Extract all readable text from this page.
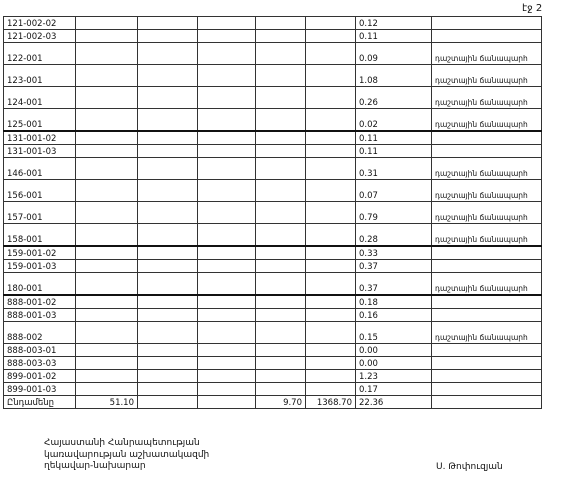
էջ 2
121-002-02						0.12	
121-002-03						0.11	
122-001						0.09	դաշտային ճանապարհ
123-001						1.08	դաշտային ճանապարհ
124-001						0.26	դաշտային ճանապարհ
125-001						0.02	դաշտային ճանապարհ
131-001-02						0.11	
131-001-03						0.11	
146-001						0.31	դաշտային ճանապարհ
156-001						0.07	դաշտային ճանապարհ
157-001						0.79	դաշտային ճանապարհ
158-001						0.28	դաշտային ճանապարհ
159-001-02						0.33	
159-001-03						0.37	
180-001						0.37	դաշտային ճանապարհ
888-001-02						0.18	
888-001-03						0.16	
888-002						0.15	դաշտային ճանապարհ
888-003-01						0.00	
888-003-03						0.00	
899-001-02						1.23	
899-001-03						0.17	
Ընդամենը	51.10			9.70	1368.70	22.36	
Հայաստանի Հանրապետության
կառավարության աշխատակազմի
ղեկավար-նախարար	Ս. Թոփուզյան
